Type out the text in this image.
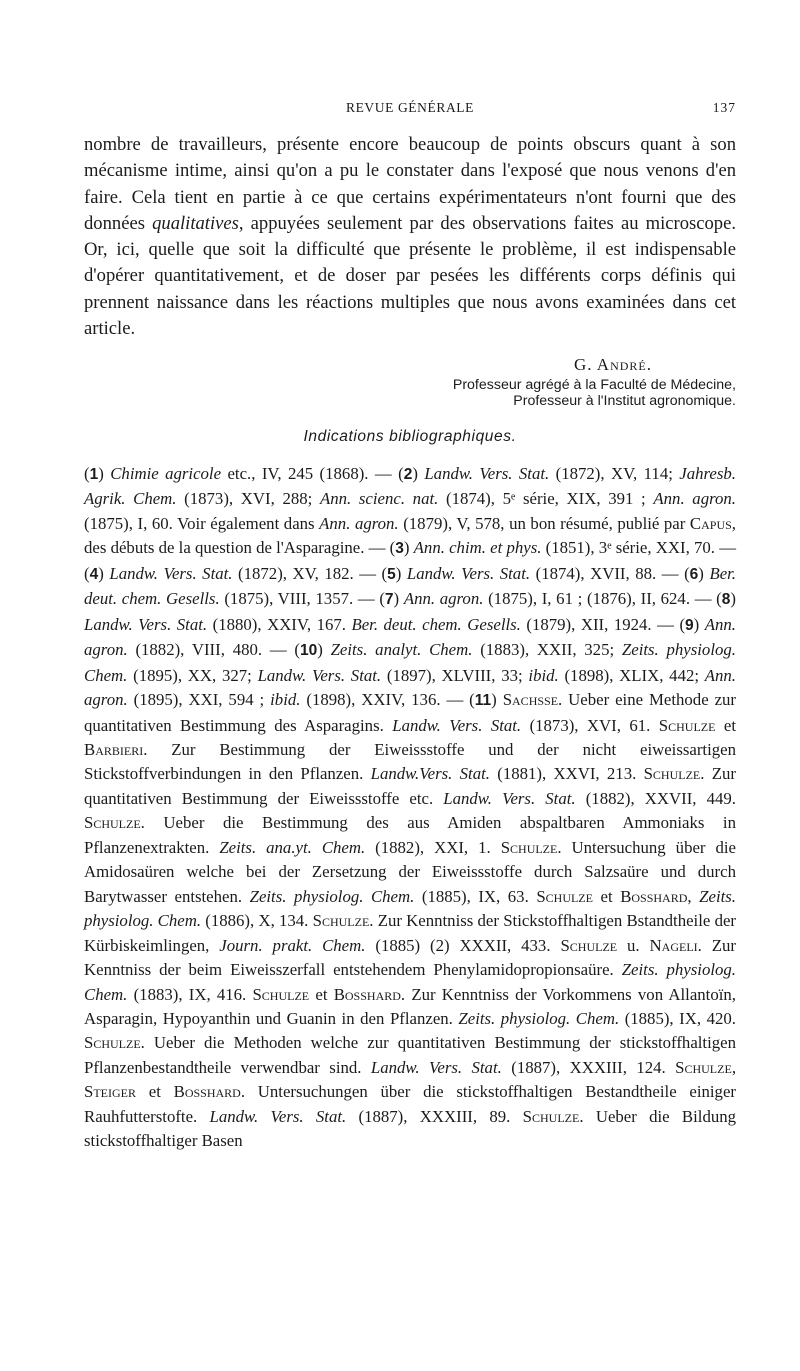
REVUE GÉNÉRALE	137

nombre de travailleurs, présente encore beaucoup de points obscurs quant à son mécanisme intime, ainsi qu'on a pu le constater dans l'exposé que nous venons d'en faire. Cela tient en partie à ce que certains expérimentateurs n'ont fourni que des données qualitatives, appuyées seulement par des observations faites au microscope. Or, ici, quelle que soit la difficulté que présente le problème, il est indispensable d'opérer quantitativement, et de doser par pesées les différents corps définis qui prennent naissance dans les réactions multiples que nous avons examinées dans cet article.

G. André.
Professeur agrégé à la Faculté de Médecine,
Professeur à l'Institut agronomique.
Indications bibliographiques.

(1) Chimie agricole etc., IV, 245 (1868). — (2) Landw. Vers. Stat. (1872), XV, 114; Jahresb. Agrik. Chem. (1873), XVI, 288; Ann. scienc. nat. (1874), 5ᵉ série, XIX, 391 ; Ann. agron. (1875), I, 60. Voir également dans Ann. agron. (1879), V, 578, un bon résumé, publié par Capus, des débuts de la question de l'Asparagine. — (3) Ann. chim. et phys. (1851), 3ᵉ série, XXI, 70. — (4) Landw. Vers. Stat. (1872), XV, 182. — (5) Landw. Vers. Stat. (1874), XVII, 88. — (6) Ber. deut. chem. Gesells. (1875), VIII, 1357. — (7) Ann. agron. (1875), I, 61 ; (1876), II, 624. — (8) Landw. Vers. Stat. (1880), XXIV, 167. Ber. deut. chem. Gesells. (1879), XII, 1924. — (9) Ann. agron. (1882), VIII, 480. — (10) Zeits. analyt. Chem. (1883), XXII, 325; Zeits. physiolog. Chem. (1895), XX, 327; Landw. Vers. Stat. (1897), XLVIII, 33; ibid. (1898), XLIX, 442; Ann. agron. (1895), XXI, 594 ; ibid. (1898), XXIV, 136. — (11) Sachsse. Ueber eine Methode zur quantitativen Bestimmung des Asparagins. Landw. Vers. Stat. (1873), XVI, 61. Schulze et Barbieri. Zur Bestimmung der Eiweissstoffe und der nicht eiweissartigen Stickstoffverbindungen in den Pflanzen. Landw.Vers. Stat. (1881), XXVI, 213. Schulze. Zur quantitativen Bestimmung der Eiweissstoffe etc. Landw. Vers. Stat. (1882), XXVII, 449. Schulze. Ueber die Bestimmung des aus Amiden abspaltbaren Ammoniaks in Pflanzenextrakten. Zeits. ana.yt. Chem. (1882), XXI, 1. Schulze. Untersuchung über die Amidosaüren welche bei der Zersetzung der Eiweissstoffe durch Salzsaüre und durch Barytwasser entstehen. Zeits. physiolog. Chem. (1885), IX, 63. Schulze et Bosshard, Zeits. physiolog. Chem. (1886), X, 134. Schulze. Zur Kenntniss der Stickstoffhaltigen Bstandtheile der Kürbiskeimlingen, Journ. prakt. Chem. (1885) (2) XXXII, 433. Schulze u. Nageli. Zur Kenntniss der beim Eiweisszerfall entstehendem Phenylamidopropionsaüre. Zeits. physiolog. Chem. (1883), IX, 416. Schulze et Bosshard. Zur Kenntniss der Vorkommens von Allantoïn, Asparagin, Hypoyanthin und Guanin in den Pflanzen. Zeits. physiolog. Chem. (1885), IX, 420. Schulze. Ueber die Methoden welche zur quantitativen Bestimmung der stickstoffhaltigen Pflanzenbestandtheile verwendbar sind. Landw. Vers. Stat. (1887), XXXIII, 124. Schulze, Steiger et Bosshard. Untersuchungen über die stickstoffhaltigen Bestandtheile einiger Rauhfutterstofte. Landw. Vers. Stat. (1887), XXXIII, 89. Schulze. Ueber die Bildung stickstoffhaltiger Basen
